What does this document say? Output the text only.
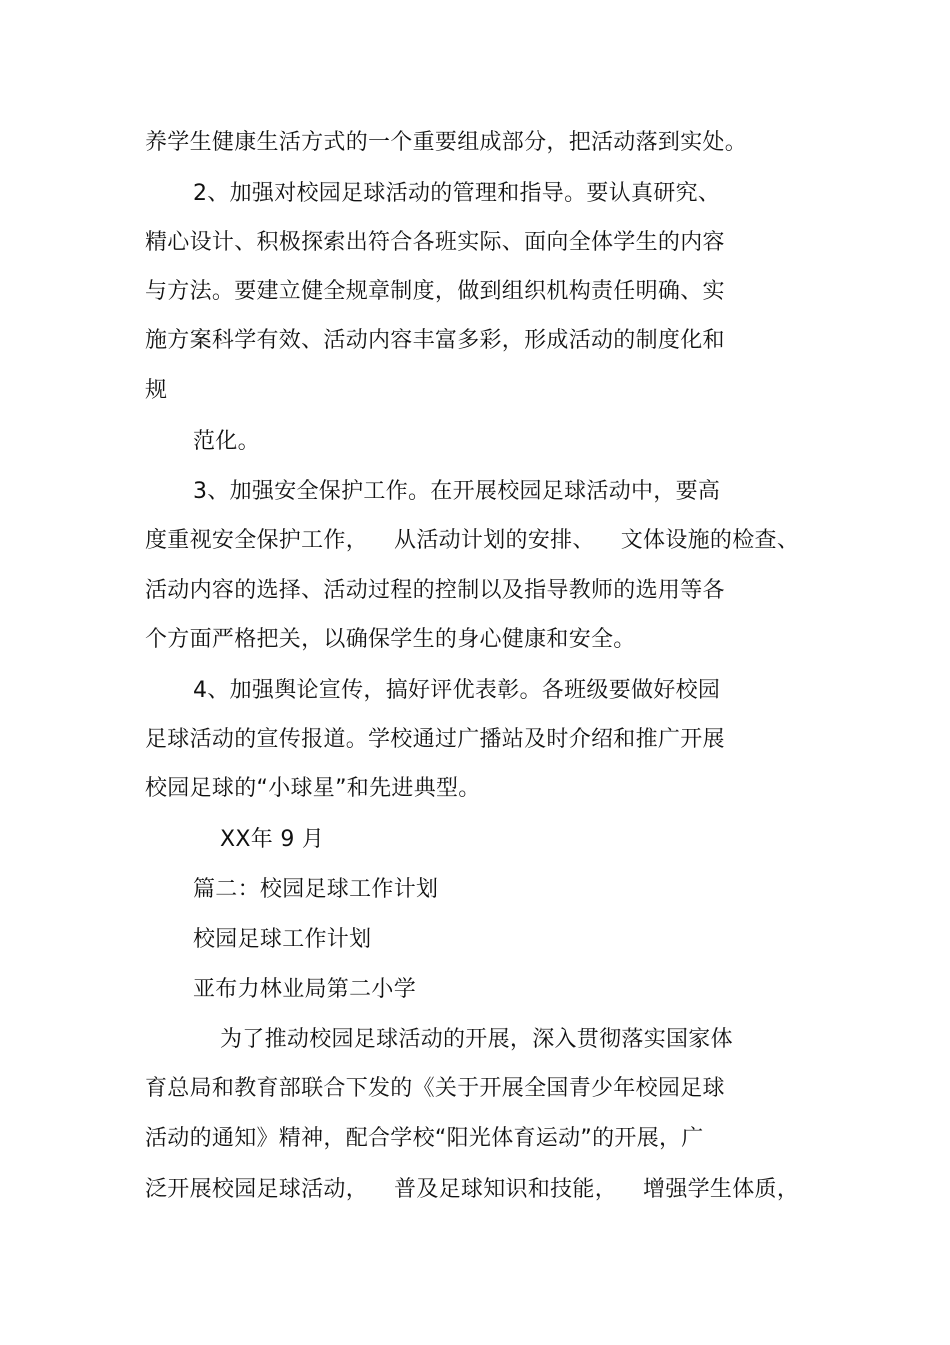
养学生健康生活方式的一个重要组成部分，把活动落到实处。
2、加强对校园足球活动的管理和指导。要认真研究、
精心设计、积极探索出符合各班实际、面向全体学生的内容
与方法。要建立健全规章制度，做到组织机构责任明确、实
施方案科学有效、活动内容丰富多彩，形成活动的制度化和
规
范化。
3、加强安全保护工作。在开展校园足球活动中，要高
度重视安全保护工作， 从活动计划的安排、 文体设施的检查、
活动内容的选择、活动过程的控制以及指导教师的选用等各
个方面严格把关，以确保学生的身心健康和安全。
4、加强舆论宣传，搞好评优表彰。各班级要做好校园
足球活动的宣传报道。学校通过广播站及时介绍和推广开展
校园足球的“小球星”和先进典型。
XX年 9 月
篇二：校园足球工作计划
校园足球工作计划
亚布力林业局第二小学
为了推动校园足球活动的开展，深入贯彻落实国家体
育总局和教育部联合下发的《关于开展全国青少年校园足球
活动的通知》精神，配合学校“阳光体育运动”的开展，广
泛开展校园足球活动， 普及足球知识和技能， 增强学生体质，
